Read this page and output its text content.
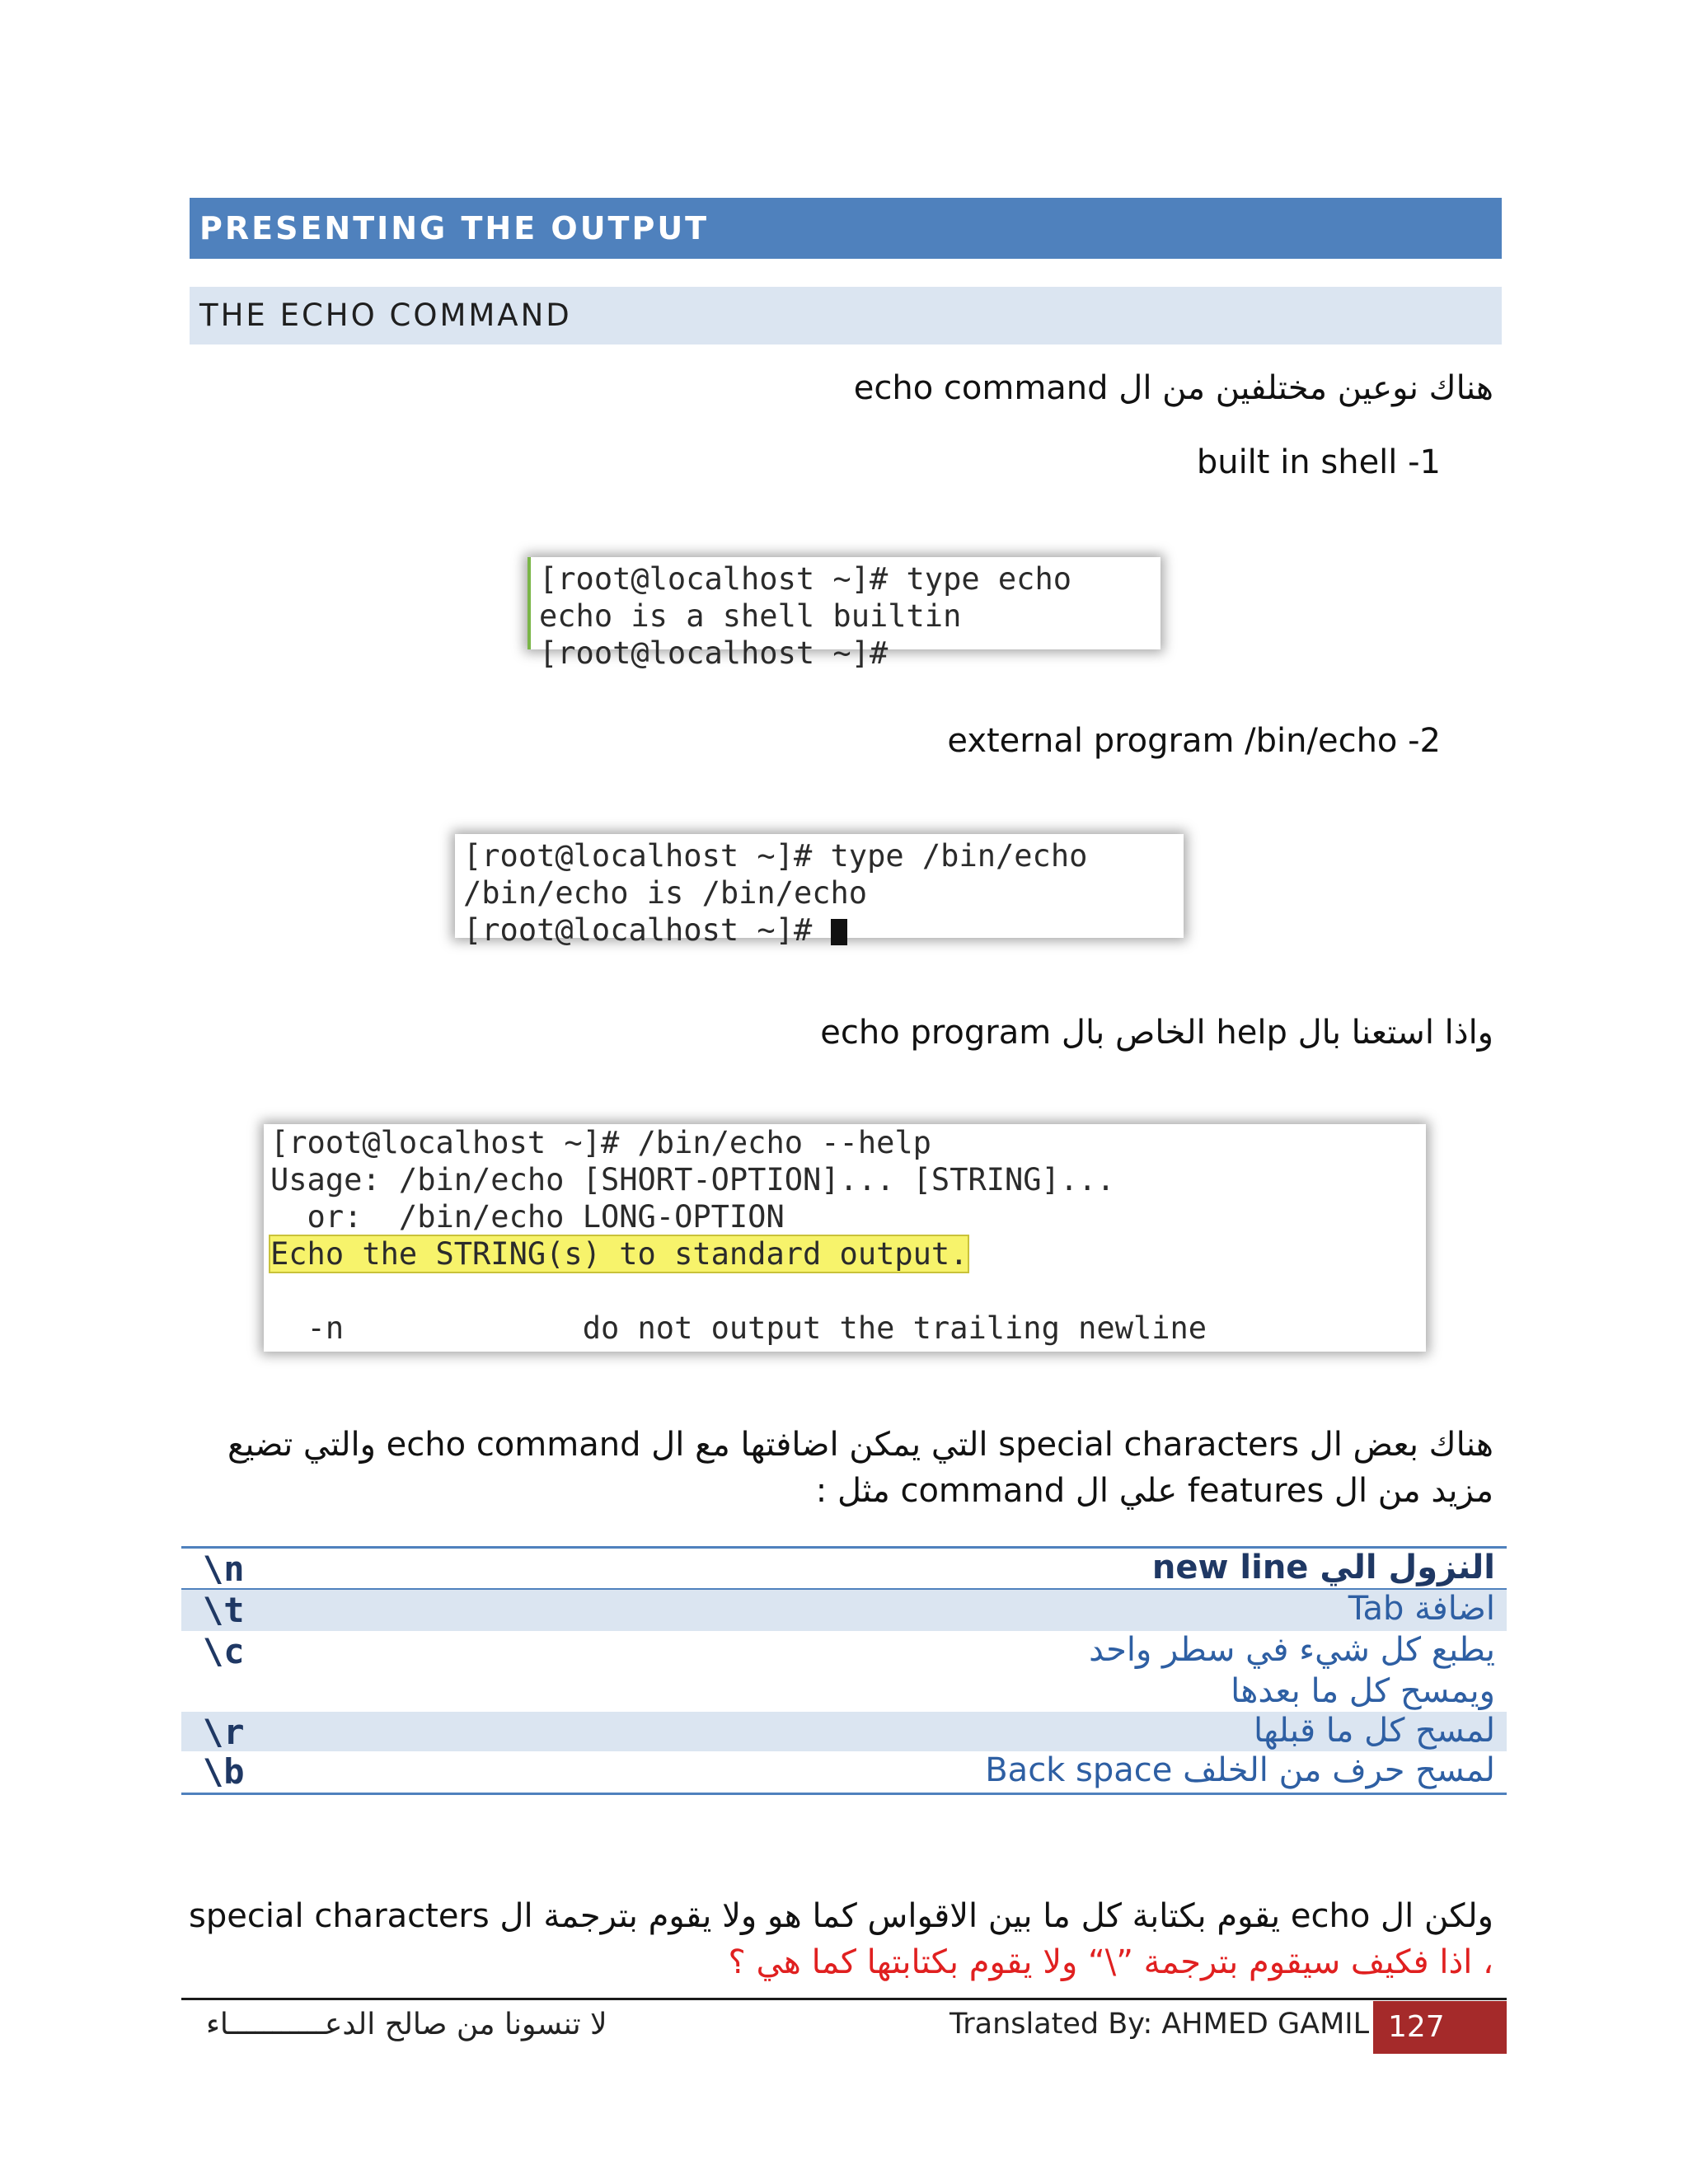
PRESENTING THE OUTPUT
THE ECHO COMMAND
هناك نوعين مختلفين من ال echo command
built in shell -1
[root@localhost ~]# type echo
echo is a shell builtin
[root@localhost ~]#
external program /bin/echo -2
[root@localhost ~]# type /bin/echo
/bin/echo is /bin/echo
[root@localhost ~]#
واذا استعنا بال help الخاص بال echo program
[root@localhost ~]# /bin/echo --help
Usage: /bin/echo [SHORT-OPTION]... [STRING]...
or:  /bin/echo LONG-OPTION
Echo the STRING(s) to standard output.
-n             do not output the trailing newline
هناك بعض ال special characters التي يمكن اضافتها مع ال echo command والتي تضيع
مزيد من ال features علي ال command مثل :
\n	النزول الي new line
\t	اضافة Tab
\c	يطبع كل شيء في سطر واحد
ويمسح كل ما بعدها
\r	لمسح كل ما قبلها
\b	لمسح حرف من الخلف Back space
ولكن ال echo يقوم بكتابة كل ما بين الاقواس كما هو ولا يقوم بترجمة ال special characters
، اذا فكيف سيقوم بترجمة ”\“ ولا يقوم بكتابتها كما هي ؟
لا تنسونا من صالح الدعـــــــــــاء	Translated By: AHMED GAMIL 127
